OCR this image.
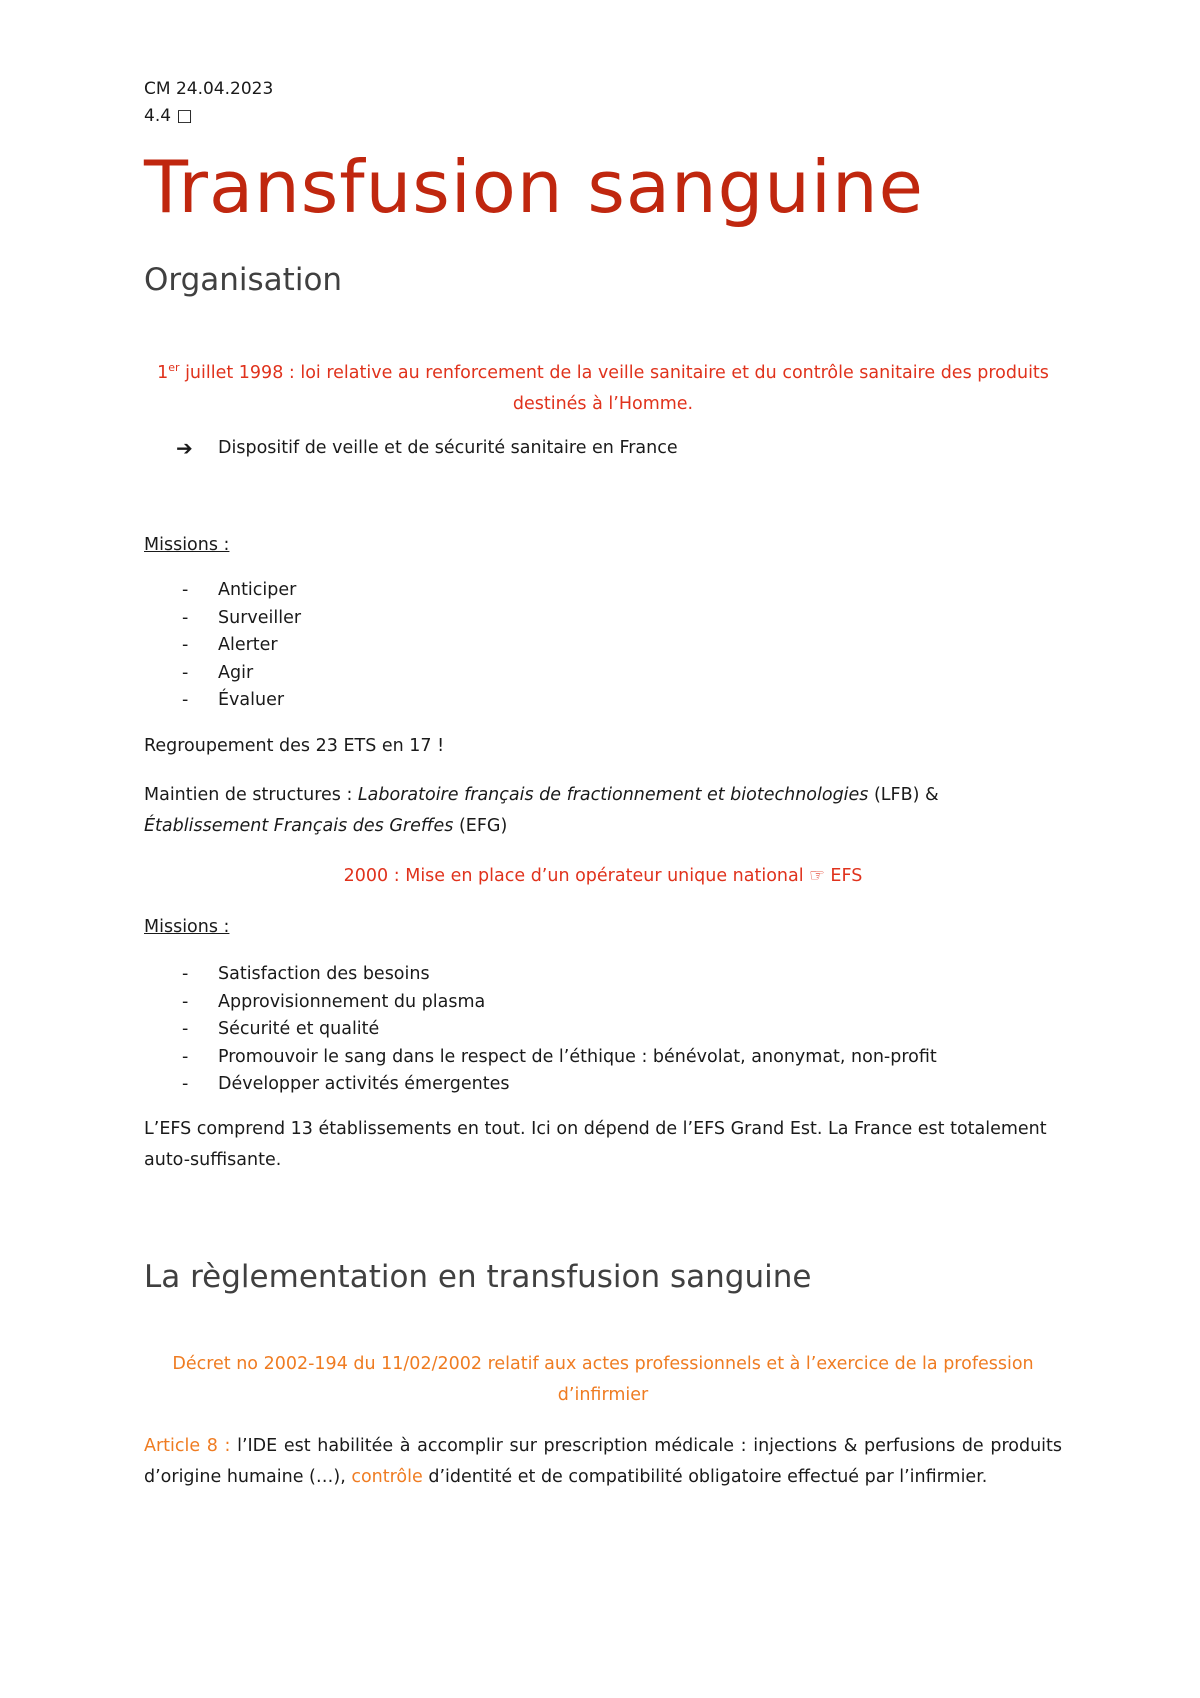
CM 24.04.2023
4.4 □
Transfusion sanguine
Organisation
1er juillet 1998 : loi relative au renforcement de la veille sanitaire et du contrôle sanitaire des produits destinés à l’Homme.
➔ Dispositif de veille et de sécurité sanitaire en France
Missions :
- Anticiper
- Surveiller
- Alerter
- Agir
- Évaluer
Regroupement des 23 ETS en 17 !
Maintien de structures : Laboratoire français de fractionnement et biotechnologies (LFB) &
Établissement Français des Greffes (EFG)
2000 : Mise en place d’un opérateur unique national ☞ EFS
Missions :
- Satisfaction des besoins
- Approvisionnement du plasma
- Sécurité et qualité
- Promouvoir le sang dans le respect de l’éthique : bénévolat, anonymat, non-profit
- Développer activités émergentes
L’EFS comprend 13 établissements en tout. Ici on dépend de l’EFS Grand Est. La France est totalement auto-suffisante.
La règlementation en transfusion sanguine
Décret no 2002-194 du 11/02/2002 relatif aux actes professionnels et à l’exercice de la profession d’infirmier
Article 8 : l’IDE est habilitée à accomplir sur prescription médicale : injections & perfusions de produits d’origine humaine (…), contrôle d’identité et de compatibilité obligatoire effectué par l’infirmier.
